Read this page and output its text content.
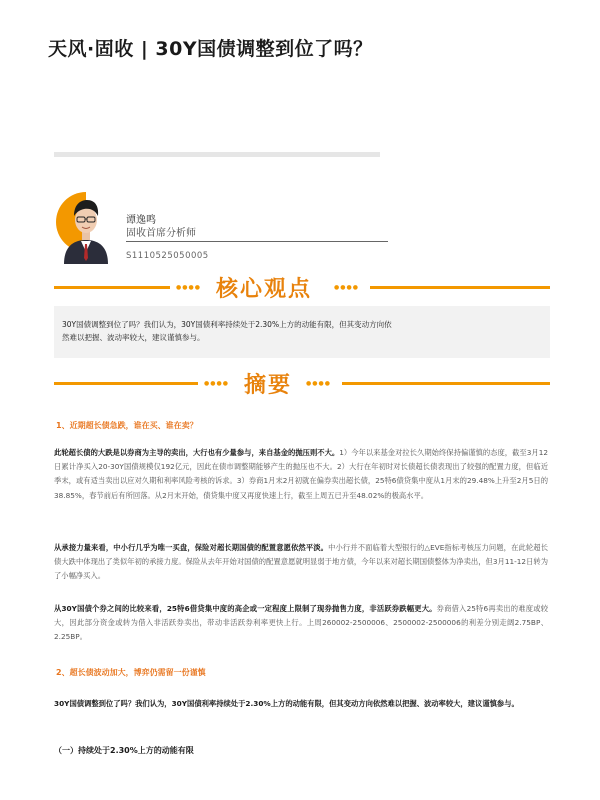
天风·固收 | 30Y国债调整到位了吗？
谭逸鸣
固收首席分析师
S1110525050005
●●●● 核心观点	●●●●

30Y国债调整到位了吗？我们认为，30Y国债利率持续处于2.30%上方的动能有限，但其变动方向依然难以把握、波动率较大，建议谨慎参与。

●●●● 摘要 ●●●●
1、近期超长债急跌，谁在买、谁在卖？

此轮超长债的大跌是以券商为主导的卖出，大行也有少量参与，来自基金的抛压则不大。1）今年以来基金对拉长久期始终保持偏谨慎的态度，截至3月12日累计净买入20-30Y国债规模仅192亿元，因此在债市调整期能够产生的抛压也不大。2）大行在年初时对长债超长债表现出了较强的配置力度，但临近季末，或有适当卖出以应对久期和利率风险考核的诉求。3）券商1月末2月初就在偏券卖出超长债，25特6债贷集中度从1月末的29.48%上升至2月5日的38.85%，春节前后有所回落。从2月末开始，债贷集中度又再度快速上行，截至上周五已升至48.02%的极高水平。

从承接力量来看，中小行几乎为唯一买盘，保险对超长期国债的配置意愿依然平淡。中小行并不面临着大型银行的△EVE指标考核压力问题，在此轮超长债大跌中体现出了类似年初的承接力度。保险从去年开始对国债的配置意愿就明显弱于地方债，今年以来对超长期国债整体为净卖出，但3月11-12日转为了小幅净买入。

从30Y国债个券之间的比较来看，25特6借贷集中度的高企或一定程度上限制了现券抛售力度，非活跃券跌幅更大。券商借入25特6再卖出的难度或较大，因此部分资金或转为借入非活跃券卖出，带动非活跃券利率更快上行。上周260002-2500006、2500002-2500006的利差分别走阔2.75BP、2.25BP。

2、超长债波动加大，博弈仍需留一份谨慎

30Y国债调整到位了吗？我们认为，30Y国债利率持续处于2.30%上方的动能有限，但其变动方向依然难以把握、波动率较大，建议谨慎参与。

（一）持续处于2.30%上方的动能有限
